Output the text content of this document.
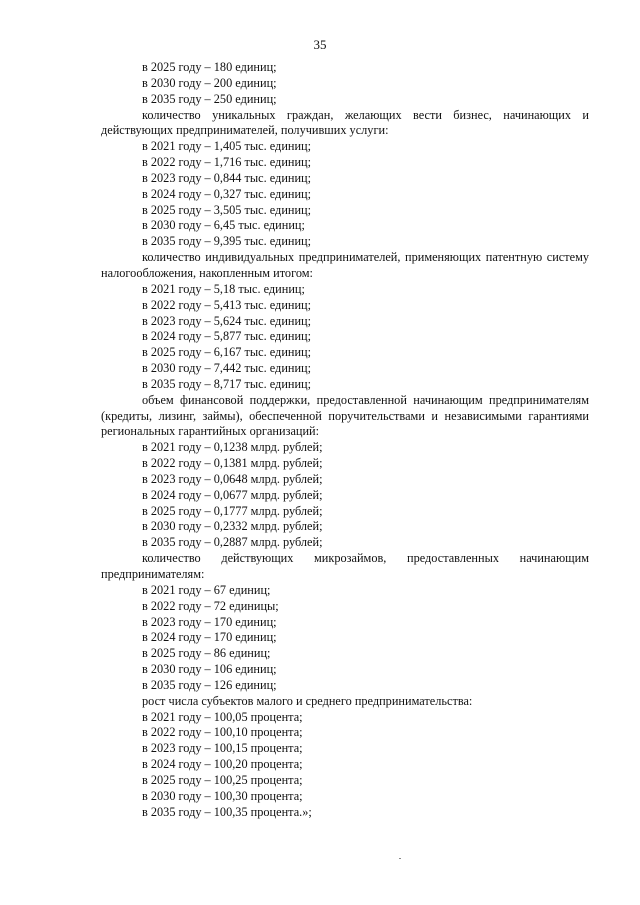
35
в 2025 году – 180 единиц;
в 2030 году – 200 единиц;
в 2035 году – 250 единиц;
количество уникальных граждан, желающих вести бизнес, начинающих и действующих предпринимателей, получивших услуги:
в 2021 году – 1,405 тыс. единиц;
в 2022 году – 1,716 тыс. единиц;
в 2023 году – 0,844 тыс. единиц;
в 2024 году – 0,327 тыс. единиц;
в 2025 году – 3,505 тыс. единиц;
в 2030 году – 6,45 тыс. единиц;
в 2035 году – 9,395 тыс. единиц;
количество индивидуальных предпринимателей, применяющих патентную систему налогообложения, накопленным итогом:
в 2021 году – 5,18 тыс. единиц;
в 2022 году – 5,413 тыс. единиц;
в 2023 году – 5,624 тыс. единиц;
в 2024 году – 5,877 тыс. единиц;
в 2025 году – 6,167 тыс. единиц;
в 2030 году – 7,442 тыс. единиц;
в 2035 году – 8,717 тыс. единиц;
объем финансовой поддержки, предоставленной начинающим предпринимателям (кредиты, лизинг, займы), обеспеченной поручительствами и независимыми гарантиями региональных гарантийных организаций:
в 2021 году – 0,1238 млрд. рублей;
в 2022 году – 0,1381 млрд. рублей;
в 2023 году – 0,0648 млрд. рублей;
в 2024 году – 0,0677 млрд. рублей;
в 2025 году – 0,1777 млрд. рублей;
в 2030 году – 0,2332 млрд. рублей;
в 2035 году – 0,2887 млрд. рублей;
количество действующих микрозаймов, предоставленных начинающим предпринимателям:
в 2021 году – 67 единиц;
в 2022 году – 72 единицы;
в 2023 году – 170 единиц;
в 2024 году – 170 единиц;
в 2025 году – 86 единиц;
в 2030 году – 106 единиц;
в 2035 году – 126 единиц;
рост числа субъектов малого и среднего предпринимательства:
в 2021 году – 100,05 процента;
в 2022 году – 100,10 процента;
в 2023 году – 100,15 процента;
в 2024 году – 100,20 процента;
в 2025 году – 100,25 процента;
в 2030 году – 100,30 процента;
в 2035 году – 100,35 процента.»;
